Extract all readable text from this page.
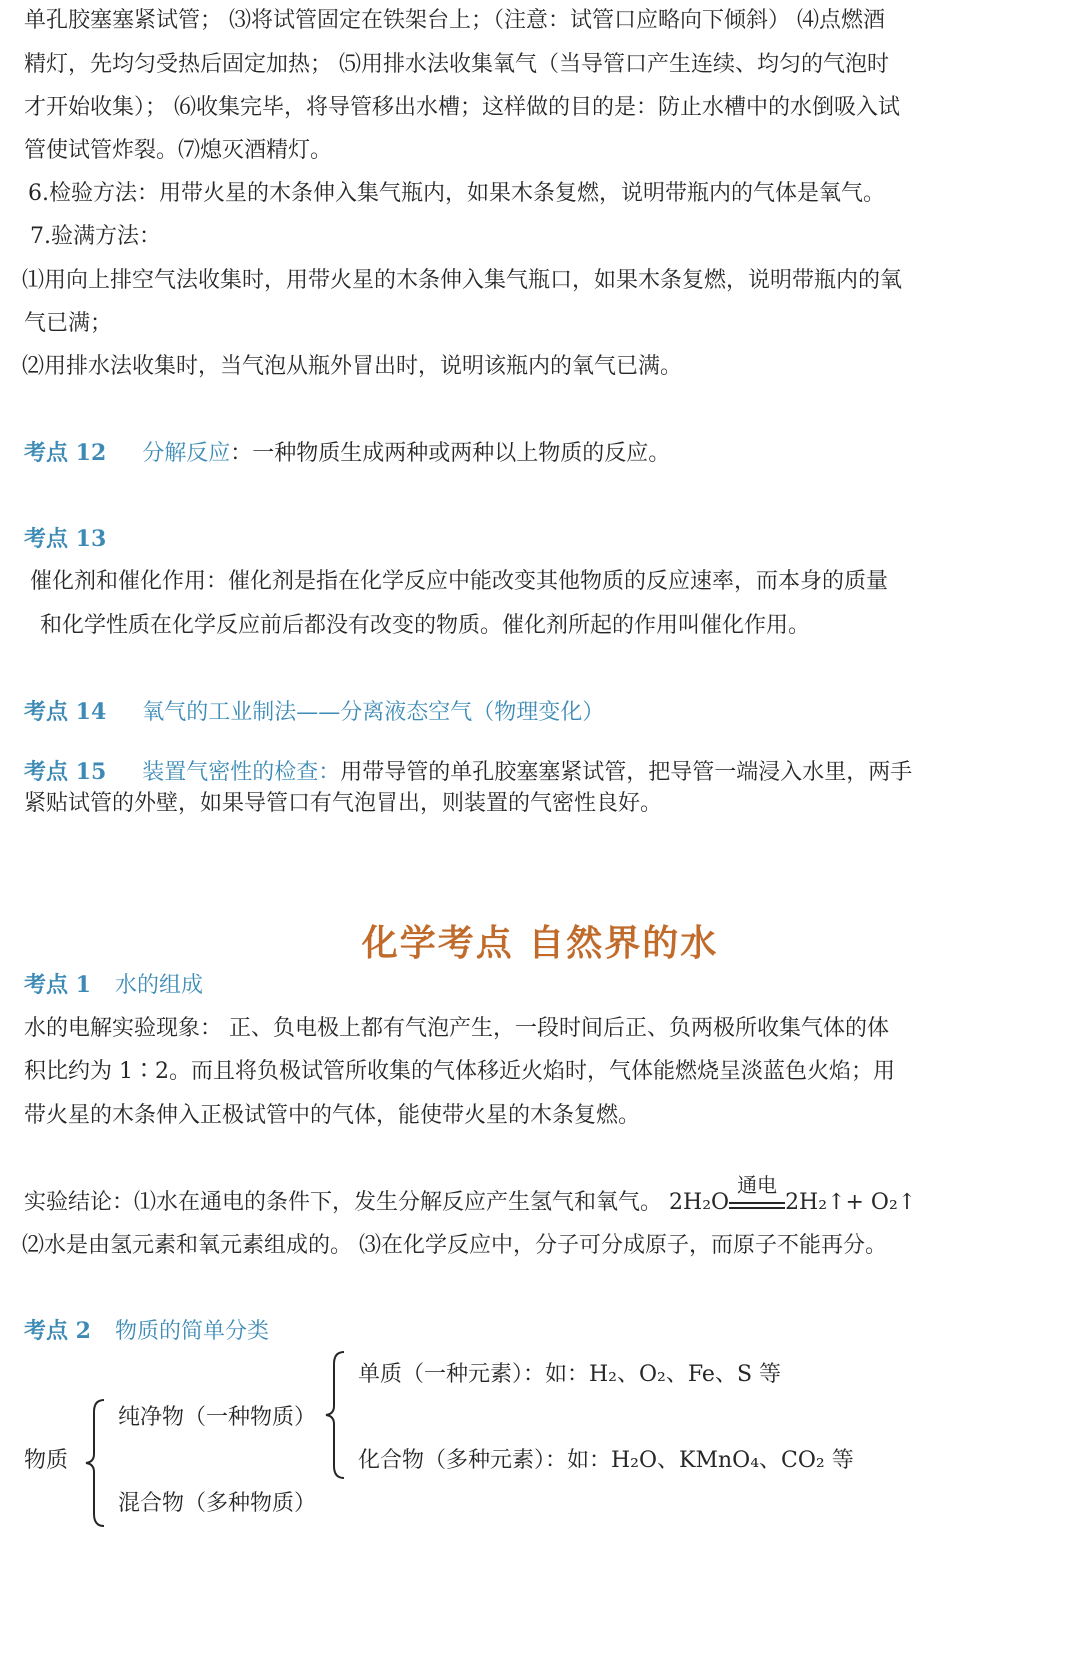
单孔胶塞塞紧试管； ⑶将试管固定在铁架台上；（注意：试管口应略向下倾斜） ⑷点燃酒
精灯，先均匀受热后固定加热； ⑸用排水法收集氧气（当导管口产生连续、均匀的气泡时
才开始收集）； ⑹收集完毕，将导管移出水槽；这样做的目的是：防止水槽中的水倒吸入试
管使试管炸裂。⑺熄灭酒精灯。
6.检验方法：用带火星的木条伸入集气瓶内，如果木条复燃，说明带瓶内的气体是氧气。
7.验满方法：
⑴用向上排空气法收集时，用带火星的木条伸入集气瓶口，如果木条复燃，说明带瓶内的氧
气已满；
⑵用排水法收集时，当气泡从瓶外冒出时，说明该瓶内的氧气已满。
考点 12 分解反应：一种物质生成两种或两种以上物质的反应。
考点 13
催化剂和催化作用：催化剂是指在化学反应中能改变其他物质的反应速率，而本身的质量
和化学性质在化学反应前后都没有改变的物质。催化剂所起的作用叫催化作用。
考点 14 氧气的工业制法——分离液态空气（物理变化）
考点 15 装置气密性的检查：用带导管的单孔胶塞塞紧试管，把导管一端浸入水里，两手
紧贴试管的外壁，如果导管口有气泡冒出，则装置的气密性良好。
化学考点 自然界的水
考点 1 水的组成
水的电解实验现象： 正、负电极上都有气泡产生，一段时间后正、负两极所收集气体的体
积比约为 1∶2。而且将负极试管所收集的气体移近火焰时，气体能燃烧呈淡蓝色火焰；用
带火星的木条伸入正极试管中的气体，能使带火星的木条复燃。
实验结论：⑴水在通电的条件下，发生分解反应产生氢气和氧气。 2H₂O
通电
2H₂↑+ O₂↑
⑵水是由氢元素和氧元素组成的。 ⑶在化学反应中，分子可分成原子，而原子不能再分。
考点 2 物质的简单分类
物质
纯净物（一种物质）
混合物（多种物质）
单质（一种元素）：如：H₂、O₂、Fe、S 等
化合物（多种元素）：如：H₂O、KMnO₄、CO₂ 等
